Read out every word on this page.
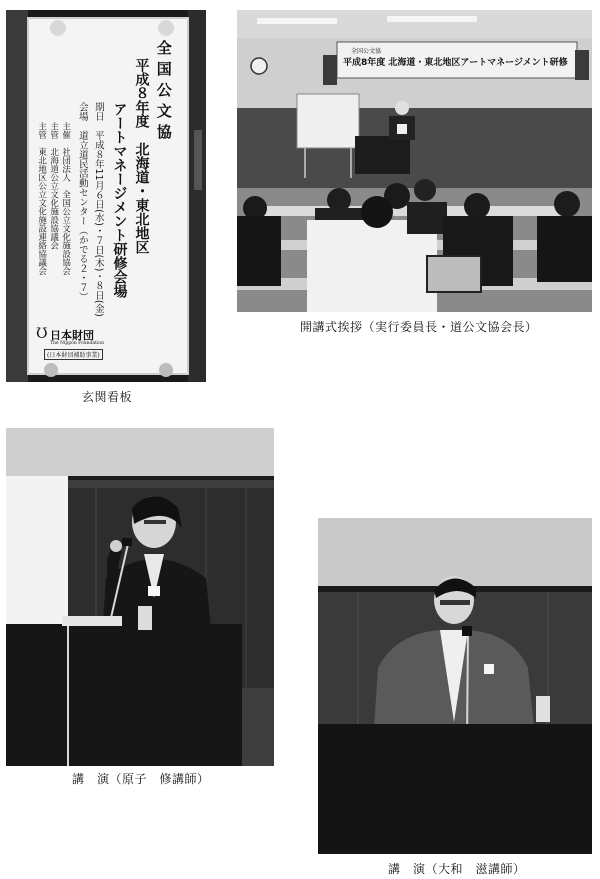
全国公文協
平成８年度　北海道・東北地区
アートマネージメント研修会場
期日　平成８年11月６日(水)・７日(木)・８日(金)
会場　道立道民活動センター（かでる２・７）
主催　社団法人　全国公立文化施設協会
主管　北海道公立文化施設協議会
主管　東北地区公立文化施設連絡協議会
Ʊ 日本財団
The Nippon Foundation
(日本財団補助事業)
玄関看板
全国公文協
平成8年度 北海道・東北地区アートマネージメント研修
開講式挨拶（実行委員長・道公文協会長）
講　演（原子　修講師）
講　演（大和　滋講師）
